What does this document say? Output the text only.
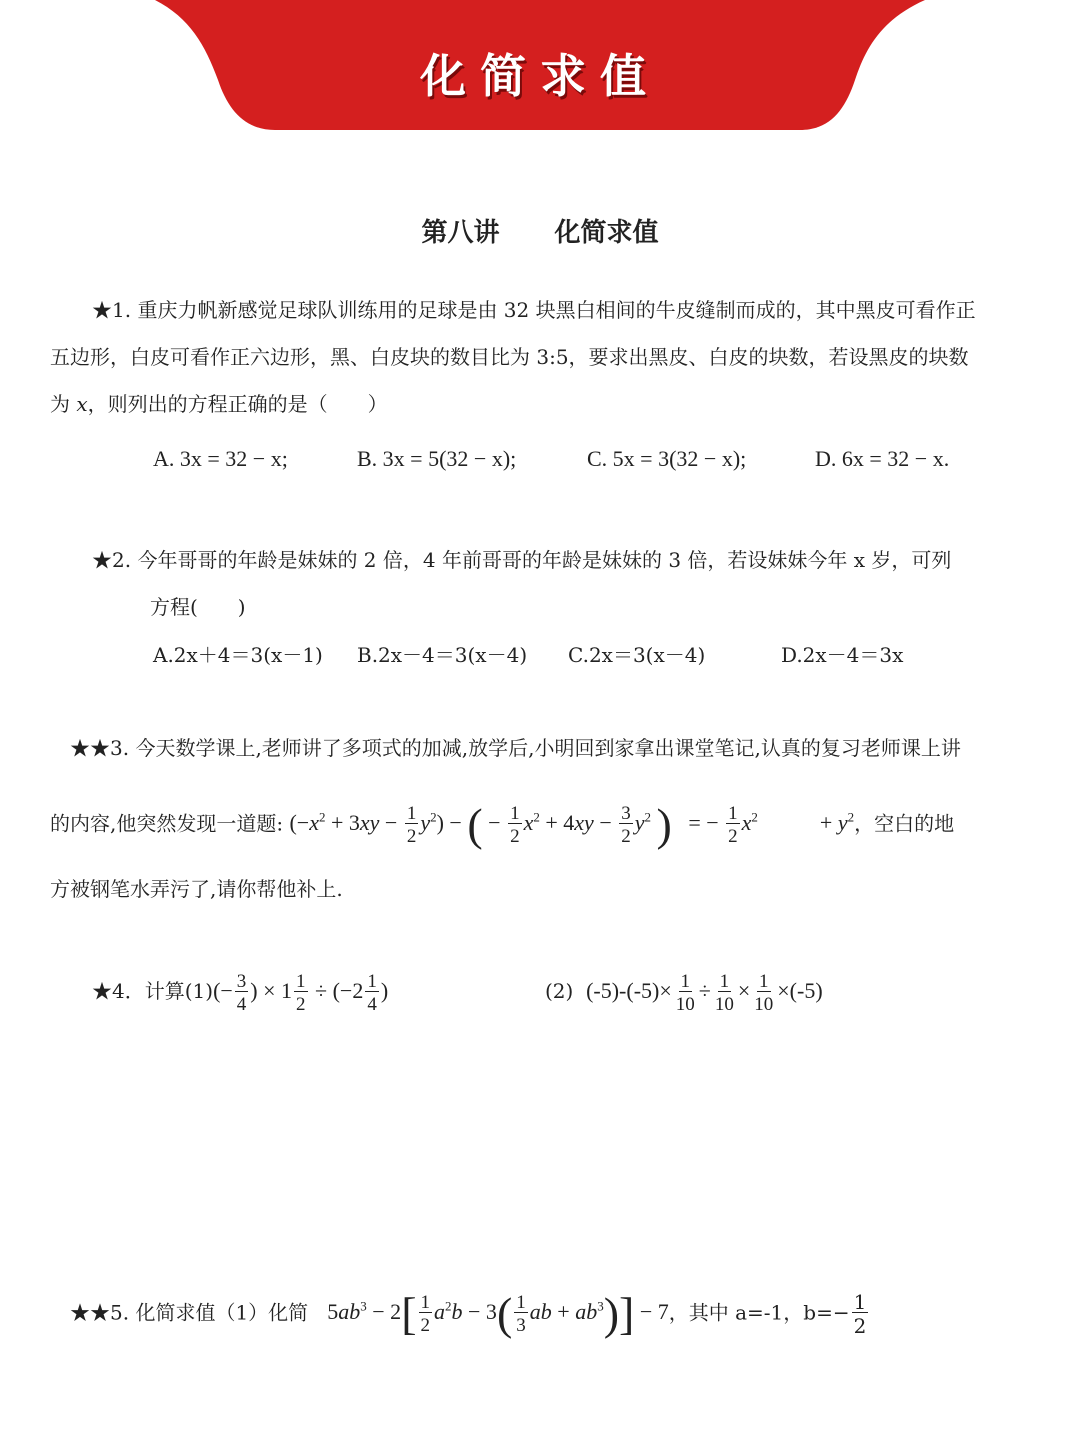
化简求值
第八讲 化简求值
★1. 重庆力帆新感觉足球队训练用的足球是由 32 块黑白相间的牛皮缝制而成的，其中黑皮可看作正
五边形，白皮可看作正六边形，黑、白皮块的数目比为 3:5，要求出黑皮、白皮的块数，若设黑皮的块数
为 x，则列出的方程正确的是（　　）
A. 3x = 32 − x;	B. 3x = 5(32 − x);	C. 5x = 3(32 − x);	D. 6x = 32 − x.
★2. 今年哥哥的年龄是妹妹的 2 倍，4 年前哥哥的年龄是妹妹的 3 倍，若设妹妹今年 x 岁，可列
方程(　　)
A.2x＋4＝3(x－1) B.2x－4＝3(x－4) C.2x＝3(x－4)	D.2x－4＝3x
★★3. 今天数学课上,老师讲了多项式的加减,放学后,小明回到家拿出课堂笔记,认真的复习老师课上讲
的内容,他突然发现一道题: $(-x^2 + 3xy - \frac{1}{2} y^2)$ − ( − $\frac{1}{2} x^2 + 4xy - \frac{3}{2} y^2$ )   = − $\frac{1}{2} x^2$	+ $y^2$，空白的地
方被钢笔水弄污了,请你帮他补上.
★4．计算$(1)(- \frac{3}{4}$ ) × $1 \frac{1}{2} \div (-2 \frac{1}{4}$ )	(2) $(-5)-(-5)\times \frac{1}{10} \div \frac{1}{10} \times \frac{1}{10} \times(-5)$
★★5. 化简求值（1）化简 $5ab^3 - 2[ \frac{1}{2} a^2b - 3( \frac{1}{3}$ ab + $ab^3)] - 7$，其中 a=-1，$b=- \frac{1}{2}$
